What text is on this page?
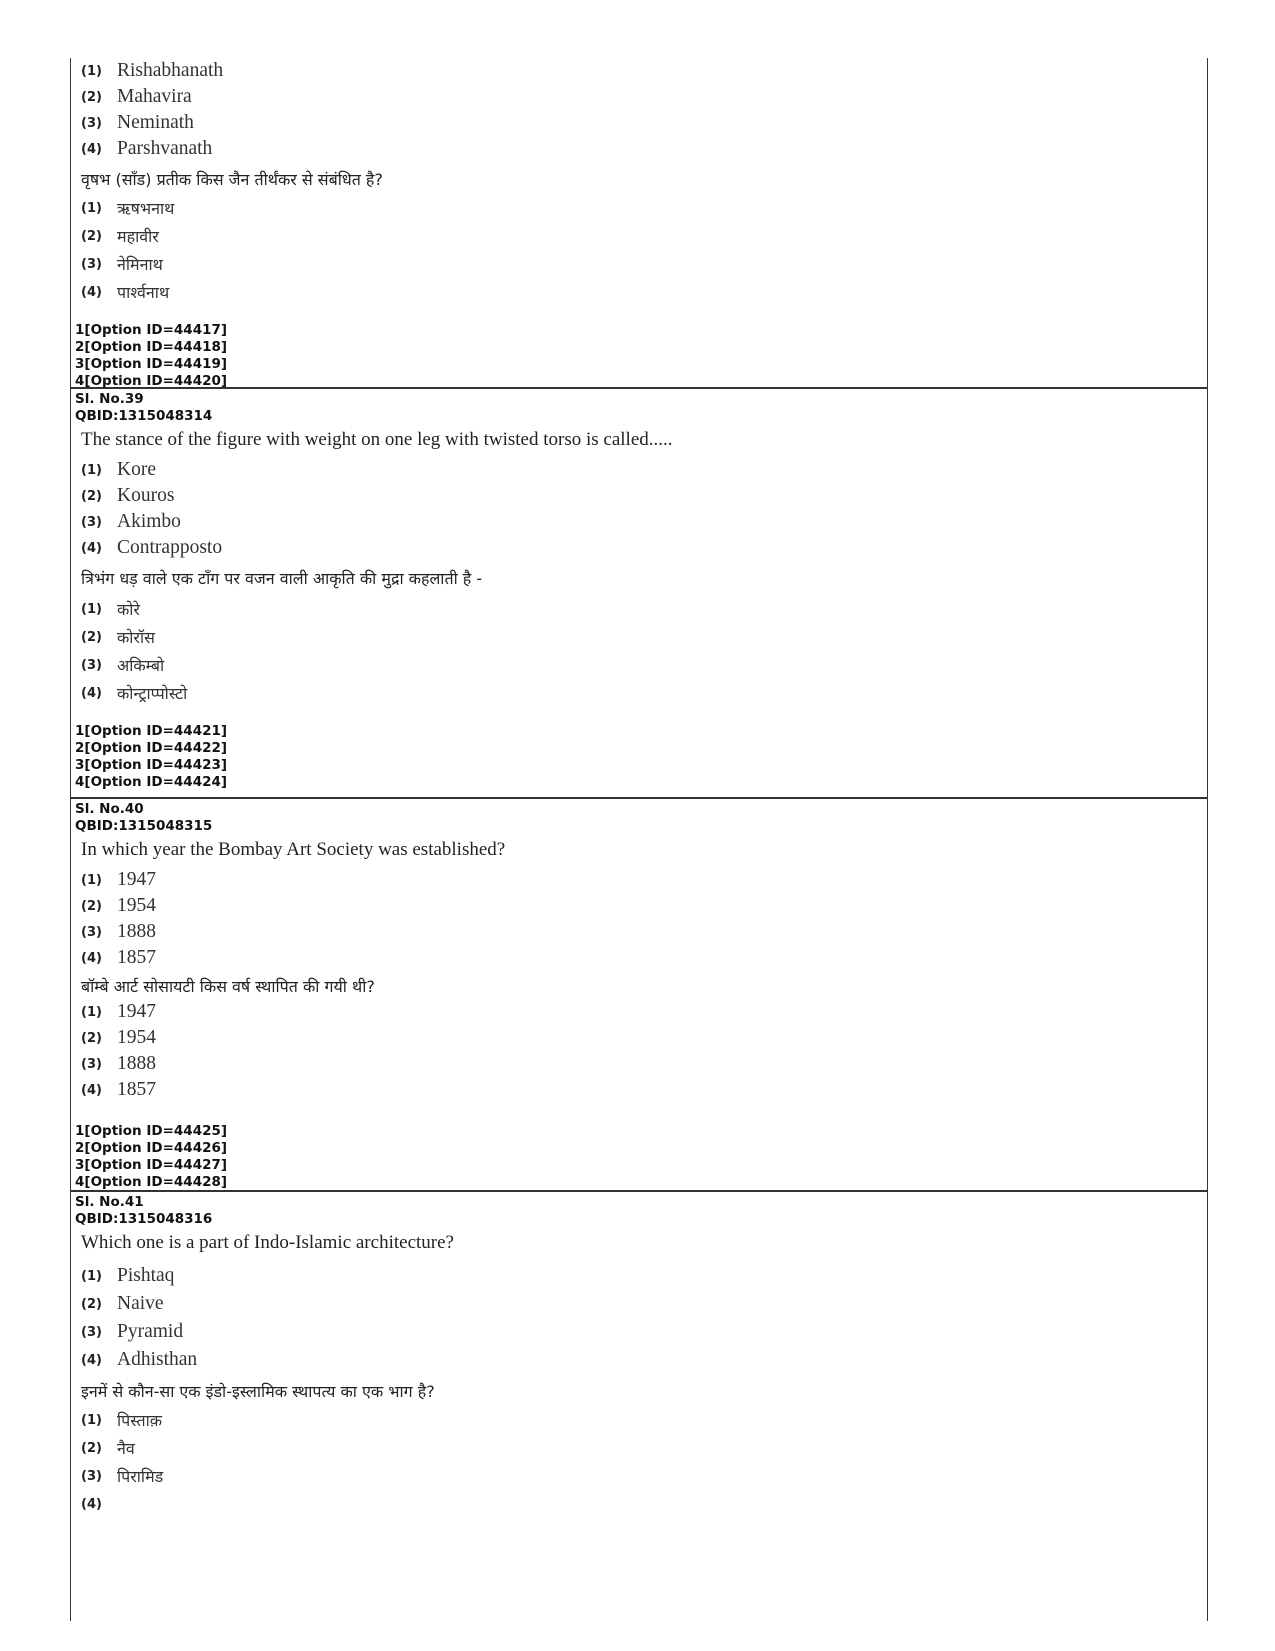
(1) Rishabhanath
(2) Mahavira
(3) Neminath
(4) Parshvanath
वृषभ (साँड) प्रतीक किस जैन तीर्थंकर से संबंधित है?
(1) ऋषभनाथ
(2) महावीर
(3) नेमिनाथ
(4) पार्श्वनाथ
1[Option ID=44417]
2[Option ID=44418]
3[Option ID=44419]
4[Option ID=44420]
Sl. No.39
QBID:1315048314
The stance of the figure with weight on one leg with twisted torso is called.....
(1) Kore
(2) Kouros
(3) Akimbo
(4) Contrapposto
त्रिभंग धड़ वाले एक टाँग पर वजन वाली आकृति की मुद्रा कहलाती है -
(1) कोरे
(2) कोरॉस
(3) अकिम्बो
(4) कोन्ट्राप्पोस्टो
1[Option ID=44421]
2[Option ID=44422]
3[Option ID=44423]
4[Option ID=44424]
Sl. No.40
QBID:1315048315
In which year the Bombay Art Society was established?
(1) 1947
(2) 1954
(3) 1888
(4) 1857
बॉम्बे आर्ट सोसायटी किस वर्ष स्थापित की गयी थी?
(1) 1947
(2) 1954
(3) 1888
(4) 1857
1[Option ID=44425]
2[Option ID=44426]
3[Option ID=44427]
4[Option ID=44428]
Sl. No.41
QBID:1315048316
Which one is a part of Indo-Islamic architecture?
(1) Pishtaq
(2) Naive
(3) Pyramid
(4) Adhisthan
इनमें से कौन-सा एक इंडो-इस्लामिक स्थापत्य का एक भाग है?
(1) पिस्ताक़
(2) नैव
(3) पिरामिड
(4)
